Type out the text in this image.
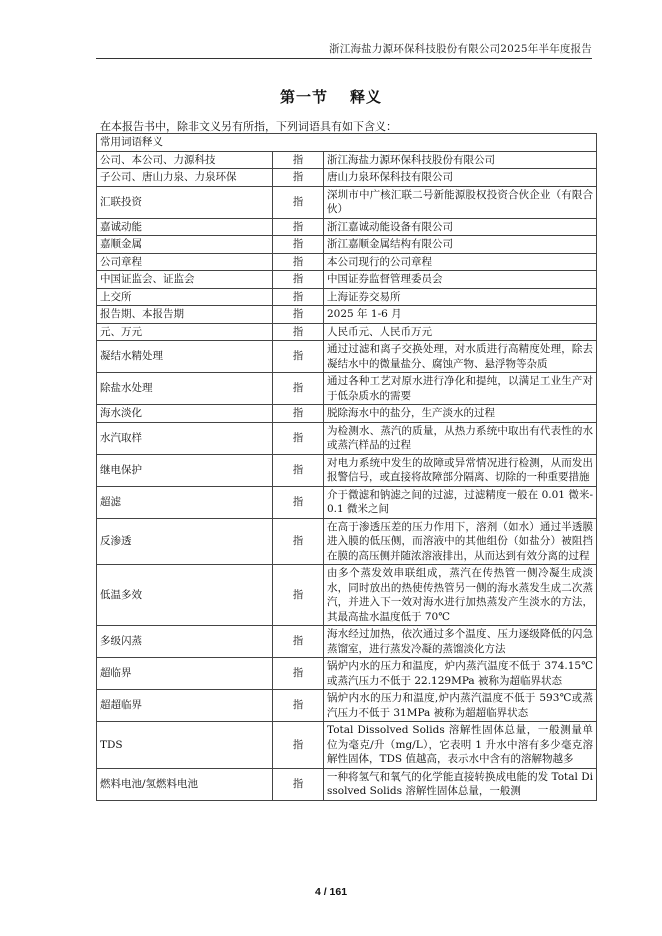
浙江海盐力源环保科技股份有限公司2025年半年度报告
第一节 释义
在本报告书中，除非文义另有所指，下列词语具有如下含义：
常用词语释义		
公司、本公司、力源科技	指	浙江海盐力源环保科技股份有限公司
子公司、唐山力泉、力泉环保	指	唐山力泉环保科技有限公司
汇联投资	指	深圳市中广核汇联二号新能源股权投资合伙企业（有限合伙）
嘉诚动能	指	浙江嘉诚动能设备有限公司
嘉顺金属	指	浙江嘉顺金属结构有限公司
公司章程	指	本公司现行的公司章程
中国证监会、证监会	指	中国证券监督管理委员会
上交所	指	上海证券交易所
报告期、本报告期	指	2025 年 1-6 月
元、万元	指	人民币元、人民币万元
凝结水精处理	指	通过过滤和离子交换处理，对水质进行高精度处理，除去凝结水中的微量盐分、腐蚀产物、悬浮物等杂质
除盐水处理	指	通过各种工艺对原水进行净化和提纯，以满足工业生产对于低杂质水的需要
海水淡化	指	脱除海水中的盐分，生产淡水的过程
水汽取样	指	为检测水、蒸汽的质量，从热力系统中取出有代表性的水或蒸汽样品的过程
继电保护	指	对电力系统中发生的故障或异常情况进行检测，从而发出报警信号，或直接将故障部分隔离、切除的一种重要措施
超滤	指	介于微滤和钠滤之间的过滤，过滤精度一般在 0.01 微米-0.1 微米之间
反渗透	指	在高于渗透压差的压力作用下，溶剂（如水）通过半透膜进入膜的低压侧，而溶液中的其他组份（如盐分）被阻挡在膜的高压侧并随浓溶液排出，从而达到有效分离的过程
低温多效	指	由多个蒸发效串联组成，蒸汽在传热管一侧冷凝生成淡水，同时放出的热使传热管另一侧的海水蒸发生成二次蒸汽，并进入下一效对海水进行加热蒸发产生淡水的方法，其最高盐水温度低于 70℃
多级闪蒸	指	海水经过加热，依次通过多个温度、压力逐级降低的闪急蒸馏室，进行蒸发冷凝的蒸馏淡化方法
超临界	指	锅炉内水的压力和温度，炉内蒸汽温度不低于 374.15℃或蒸汽压力不低于 22.129MPa 被称为超临界状态
超超临界	指	锅炉内水的压力和温度,炉内蒸汽温度不低于 593℃或蒸汽压力不低于 31MPa 被称为超超临界状态
TDS	指	Total Dissolved Solids 溶解性固体总量，一般测量单位为毫克/升（mg/L），它表明 1 升水中溶有多少毫克溶解性固体，TDS 值越高，表示水中含有的溶解物越多
燃料电池/氢燃料电池	指	一种将氢气和氧气的化学能直接转换成电能的发 Total Dissolved Solids 溶解性固体总量，一般测
4 / 161
